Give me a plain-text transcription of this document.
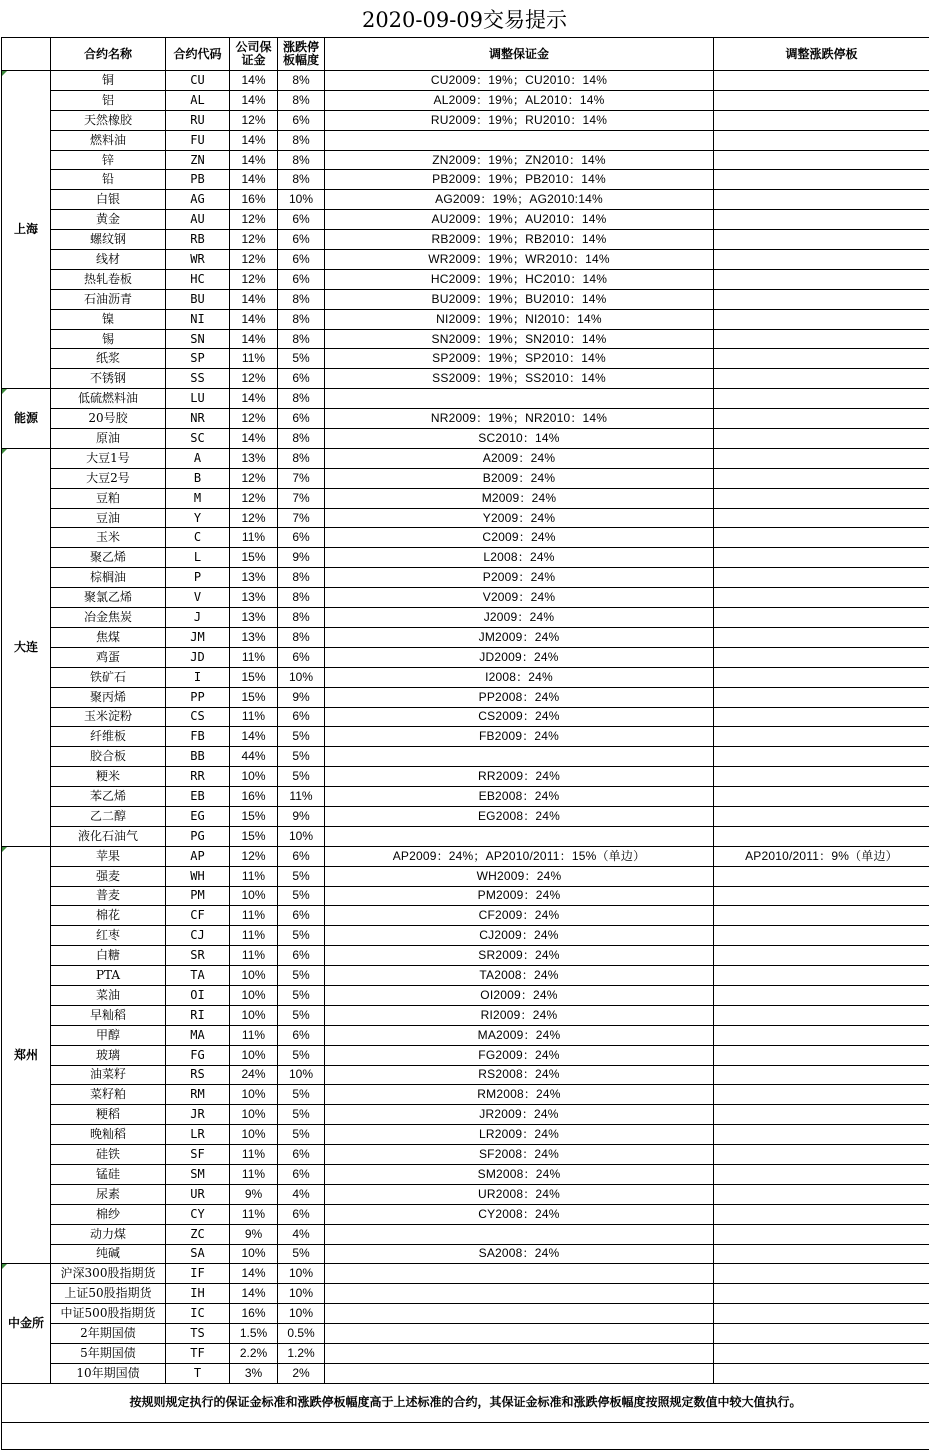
2020-09-09交易提示
	合约名称	合约代码	公司保证金	涨跌停板幅度	调整保证金	调整涨跌停板
上海	铜	CU	14%	8%	CU2009：19%；CU2010：14%	
	铝	AL	14%	8%	AL2009：19%；AL2010：14%	
	天然橡胶	RU	12%	6%	RU2009：19%；RU2010：14%	
	燃料油	FU	14%	8%		
	锌	ZN	14%	8%	ZN2009：19%；ZN2010：14%	
	铅	PB	14%	8%	PB2009：19%；PB2010：14%	
	白银	AG	16%	10%	AG2009：19%；AG2010:14%	
	黄金	AU	12%	6%	AU2009：19%；AU2010：14%	
	螺纹钢	RB	12%	6%	RB2009：19%；RB2010：14%	
	线材	WR	12%	6%	WR2009：19%；WR2010：14%	
	热轧卷板	HC	12%	6%	HC2009：19%；HC2010：14%	
	石油沥青	BU	14%	8%	BU2009：19%；BU2010：14%	
	镍	NI	14%	8%	NI2009：19%；NI2010：14%	
	锡	SN	14%	8%	SN2009：19%；SN2010：14%	
	纸浆	SP	11%	5%	SP2009：19%；SP2010：14%	
	不锈钢	SS	12%	6%	SS2009：19%；SS2010：14%	
能源	低硫燃料油	LU	14%	8%		
	20号胶	NR	12%	6%	NR2009：19%；NR2010：14%	
	原油	SC	14%	8%	SC2010：14%	
大连	大豆1号	A	13%	8%	A2009：24%	
	大豆2号	B	12%	7%	B2009：24%	
	豆粕	M	12%	7%	M2009：24%	
	豆油	Y	12%	7%	Y2009：24%	
	玉米	C	11%	6%	C2009：24%	
	聚乙烯	L	15%	9%	L2008：24%	
	棕榈油	P	13%	8%	P2009：24%	
	聚氯乙烯	V	13%	8%	V2009：24%	
	冶金焦炭	J	13%	8%	J2009：24%	
	焦煤	JM	13%	8%	JM2009：24%	
	鸡蛋	JD	11%	6%	JD2009：24%	
	铁矿石	I	15%	10%	I2008：24%	
	聚丙烯	PP	15%	9%	PP2008：24%	
	玉米淀粉	CS	11%	6%	CS2009：24%	
	纤维板	FB	14%	5%	FB2009：24%	
	胶合板	BB	44%	5%		
	粳米	RR	10%	5%	RR2009：24%	
	苯乙烯	EB	16%	11%	EB2008：24%	
	乙二醇	EG	15%	9%	EG2008：24%	
	液化石油气	PG	15%	10%		
郑州	苹果	AP	12%	6%	AP2009：24%；AP2010/2011：15%（单边）	AP2010/2011：9%（单边）
	强麦	WH	11%	5%	WH2009：24%	
	普麦	PM	10%	5%	PM2009：24%	
	棉花	CF	11%	6%	CF2009：24%	
	红枣	CJ	11%	5%	CJ2009：24%	
	白糖	SR	11%	6%	SR2009：24%	
	PTA	TA	10%	5%	TA2008：24%	
	菜油	OI	10%	5%	OI2009：24%	
	早籼稻	RI	10%	5%	RI2009：24%	
	甲醇	MA	11%	6%	MA2009：24%	
	玻璃	FG	10%	5%	FG2009：24%	
	油菜籽	RS	24%	10%	RS2008：24%	
	菜籽粕	RM	10%	5%	RM2008：24%	
	粳稻	JR	10%	5%	JR2009：24%	
	晚籼稻	LR	10%	5%	LR2009：24%	
	硅铁	SF	11%	6%	SF2008：24%	
	锰硅	SM	11%	6%	SM2008：24%	
	尿素	UR	9%	4%	UR2008：24%	
	棉纱	CY	11%	6%	CY2008：24%	
	动力煤	ZC	9%	4%		
	纯碱	SA	10%	5%	SA2008：24%	
中金所	沪深300股指期货	IF	14%	10%		
	上证50股指期货	IH	14%	10%		
	中证500股指期货	IC	16%	10%		
	2年期国债	TS	1.5%	0.5%		
	5年期国债	TF	2.2%	1.2%		
	10年期国债	T	3%	2%		
按规则规定执行的保证金标准和涨跌停板幅度高于上述标准的合约，其保证金标准和涨跌停板幅度按照规定数值中较大值执行。						
